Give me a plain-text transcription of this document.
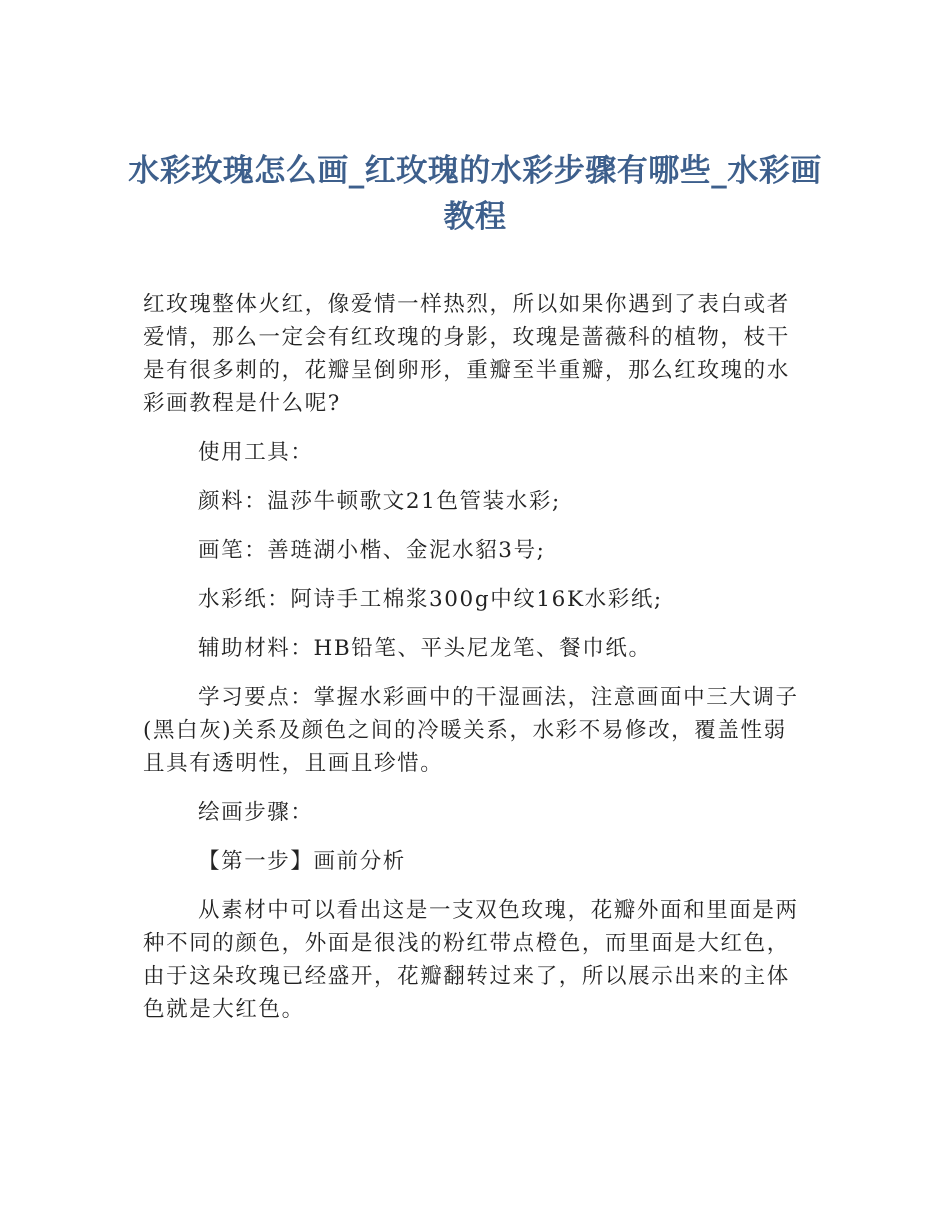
水彩玫瑰怎么画_红玫瑰的水彩步骤有哪些_水彩画教程

红玫瑰整体火红，像爱情一样热烈，所以如果你遇到了表白或者爱情，那么一定会有红玫瑰的身影，玫瑰是蔷薇科的植物，枝干是有很多刺的，花瓣呈倒卵形，重瓣至半重瓣，那么红玫瑰的水彩画教程是什么呢?

使用工具：

颜料：温莎牛顿歌文21色管装水彩;

画笔：善琏湖小楷、金泥水貂3号;

水彩纸：阿诗手工棉浆300g中纹16K水彩纸;

辅助材料：HB铅笔、平头尼龙笔、餐巾纸。

学习要点：掌握水彩画中的干湿画法，注意画面中三大调子(黑白灰)关系及颜色之间的冷暖关系，水彩不易修改，覆盖性弱且具有透明性，且画且珍惜。

绘画步骤：

【第一步】画前分析

从素材中可以看出这是一支双色玫瑰，花瓣外面和里面是两种不同的颜色，外面是很浅的粉红带点橙色，而里面是大红色，由于这朵玫瑰已经盛开，花瓣翻转过来了，所以展示出来的主体色就是大红色。
